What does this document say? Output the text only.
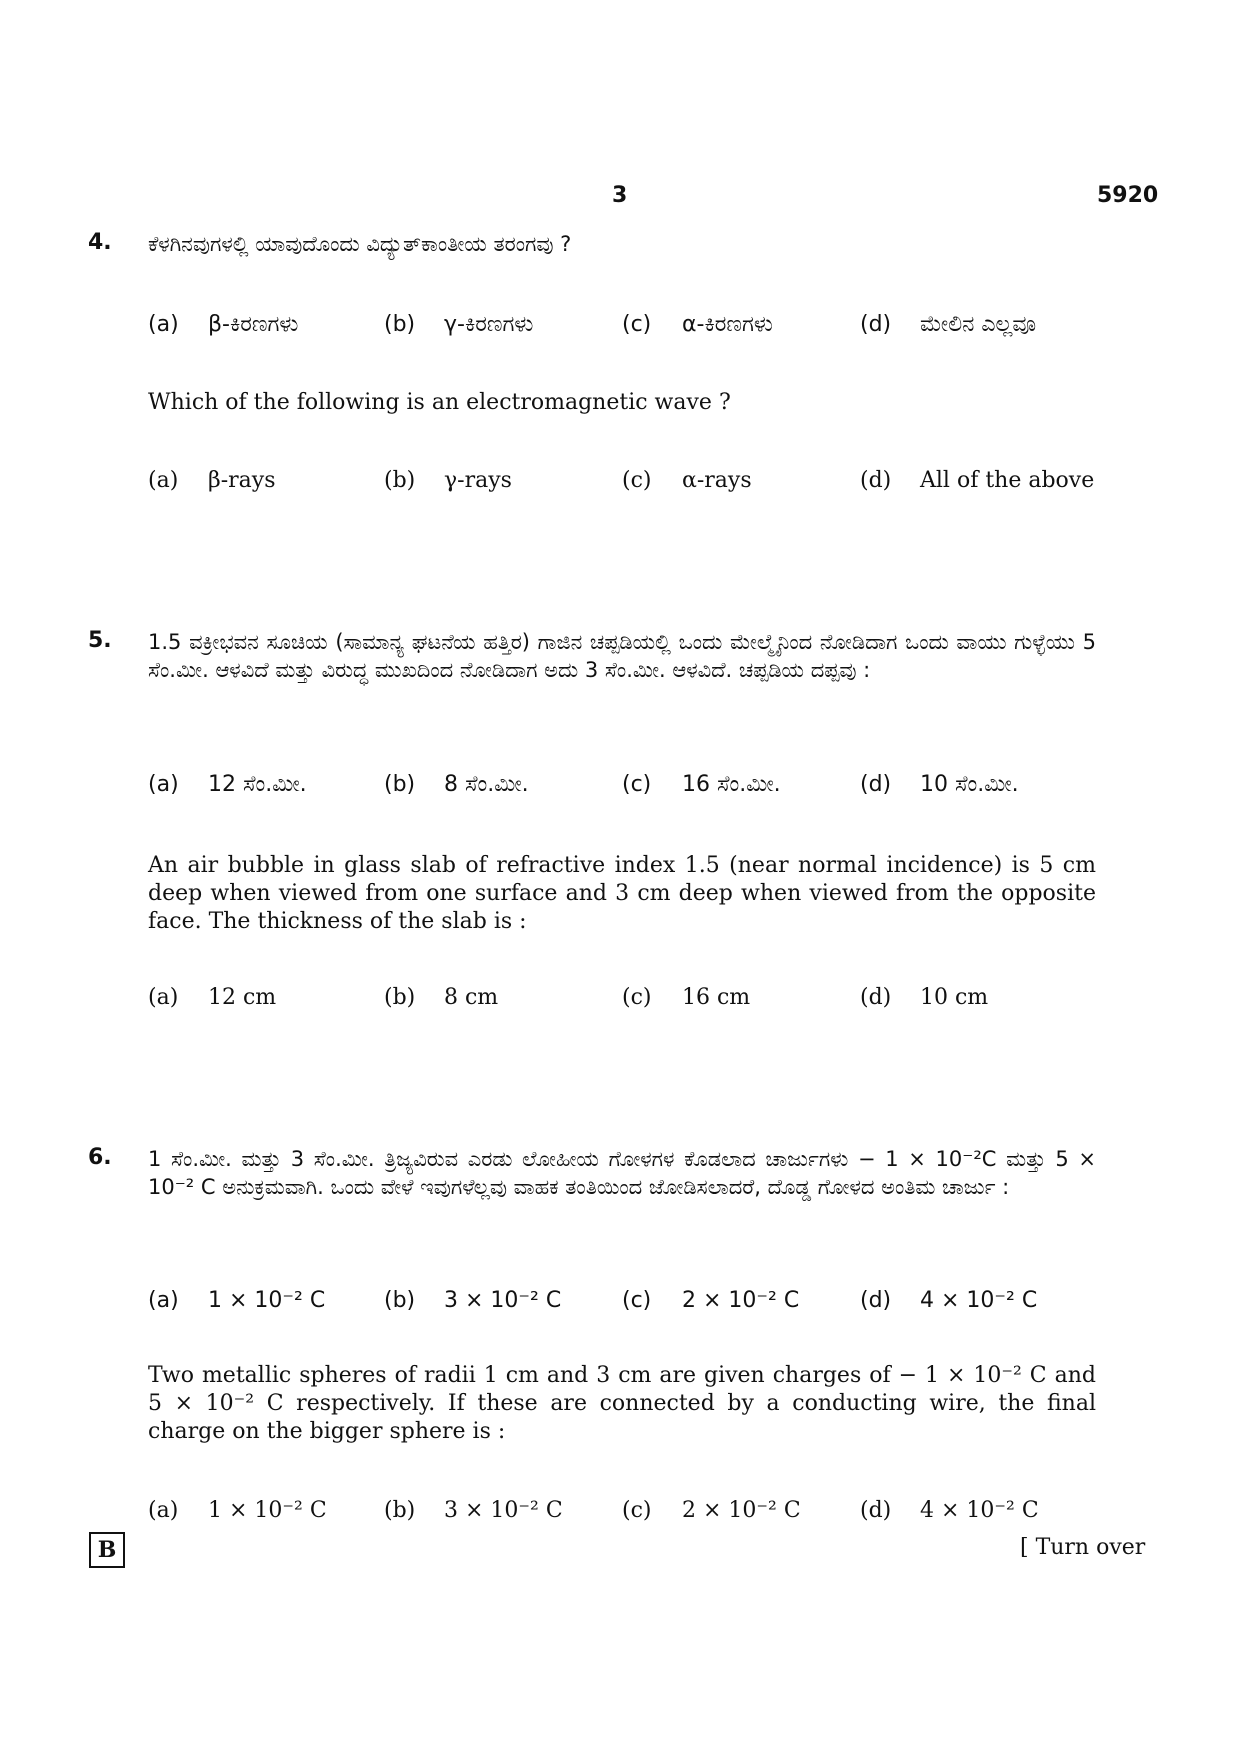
3	5920
4. ಕೆಳಗಿನವುಗಳಲ್ಲಿ ಯಾವುದೊಂದು ವಿದ್ಯುತ್‌ಕಾಂತೀಯ ತರಂಗವು ?

(a) β-ಕಿರಣಗಳು	(b) γ-ಕಿರಣಗಳು	(c) α-ಕಿರಣಗಳು	(d) ಮೇಲಿನ ಎಲ್ಲವೂ

Which of the following is an electromagnetic wave ?

(a) β-rays	(b) γ-rays	(c) α-rays	(d) All of the above
5. 1.5 ವಕ್ರೀಭವನ ಸೂಚಿಯ (ಸಾಮಾನ್ಯ ಘಟನೆಯ ಹತ್ತಿರ) ಗಾಜಿನ ಚಪ್ಪಡಿಯಲ್ಲಿ ಒಂದು ಮೇಲ್ಮೈನಿಂದ ನೋಡಿದಾಗ ಒಂದು ವಾಯು ಗುಳ್ಳೆಯು 5 ಸೆಂ.ಮೀ. ಆಳವಿದೆ ಮತ್ತು ವಿರುದ್ಧ ಮುಖದಿಂದ ನೋಡಿದಾಗ ಅದು 3 ಸೆಂ.ಮೀ. ಆಳವಿದೆ. ಚಪ್ಪಡಿಯ ದಪ್ಪವು :

(a) 12 ಸೆಂ.ಮೀ.	(b) 8 ಸೆಂ.ಮೀ.	(c) 16 ಸೆಂ.ಮೀ.	(d) 10 ಸೆಂ.ಮೀ.

An air bubble in glass slab of refractive index 1.5 (near normal incidence) is 5 cm deep when viewed from one surface and 3 cm deep when viewed from the opposite face. The thickness of the slab is :

(a) 12 cm	(b) 8 cm	(c) 16 cm	(d) 10 cm
6. 1 ಸೆಂ.ಮೀ. ಮತ್ತು 3 ಸೆಂ.ಮೀ. ತ್ರಿಜ್ಯವಿರುವ ಎರಡು ಲೋಹೀಯ ಗೋಳಗಳ ಕೊಡಲಾದ ಚಾರ್ಜುಗಳು − 1 × 10⁻²C ಮತ್ತು 5 × 10⁻² C ಅನುಕ್ರಮವಾಗಿ. ಒಂದು ವೇಳೆ ಇವುಗಳೆಲ್ಲವು ವಾಹಕ ತಂತಿಯಿಂದ ಜೋಡಿಸಲಾದರೆ, ದೊಡ್ಡ ಗೋಳದ ಅಂತಿಮ ಚಾರ್ಜು :

(a) 1 × 10⁻² C	(b) 3 × 10⁻² C	(c) 2 × 10⁻² C	(d) 4 × 10⁻² C

Two metallic spheres of radii 1 cm and 3 cm are given charges of − 1 × 10⁻² C and 5 × 10⁻² C respectively. If these are connected by a conducting wire, the final charge on the bigger sphere is :

(a) 1 × 10⁻² C	(b) 3 × 10⁻² C	(c) 2 × 10⁻² C	(d) 4 × 10⁻² C
B	[ Turn over
